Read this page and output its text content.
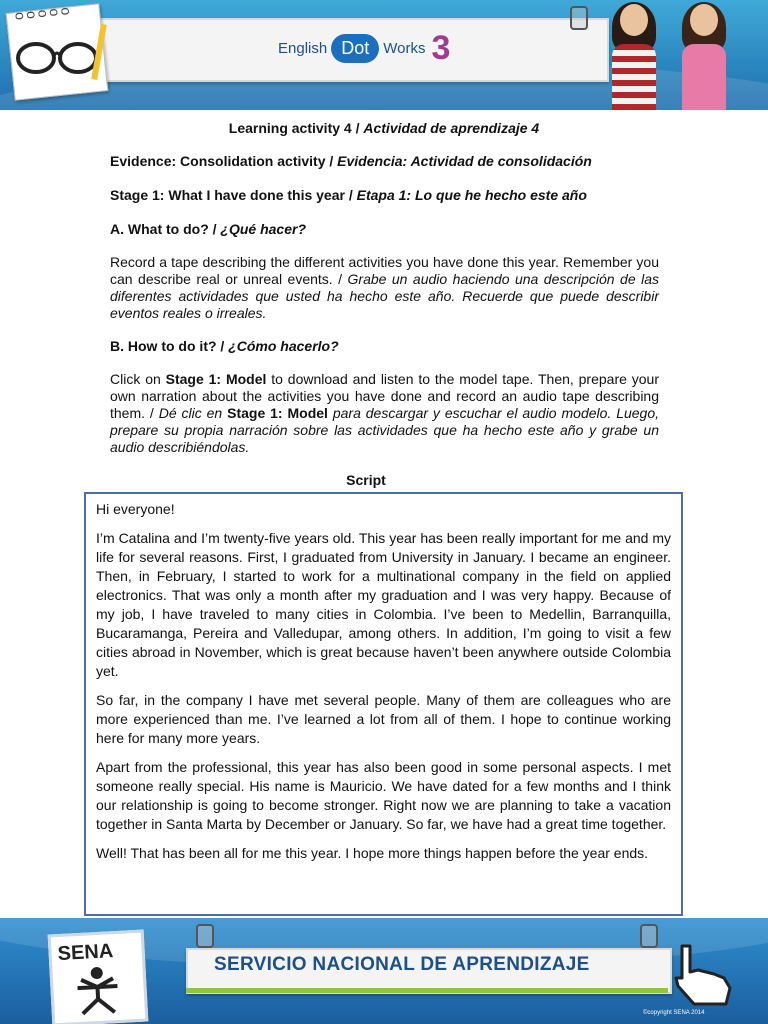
English Dot Works 3
ᴑᴑᴑᴑᴑ
Learning activity 4 / Actividad de aprendizaje 4
Evidence: Consolidation activity / Evidencia: Actividad de consolidación
Stage 1: What I have done this year / Etapa 1: Lo que he hecho este año
A. What to do? / ¿Qué hacer?
Record a tape describing the different activities you have done this year. Remember you can describe real or unreal events. / Grabe un audio haciendo una descripción de las diferentes actividades que usted ha hecho este año. Recuerde que puede describir eventos reales o irreales.
B. How to do it? / ¿Cómo hacerlo?
Click on Stage 1: Model to download and listen to the model tape. Then, prepare your own narration about the activities you have done and record an audio tape describing them. / Dé clic en Stage 1: Model para descargar y escuchar el audio modelo. Luego, prepare su propia narración sobre las actividades que ha hecho este año y grabe un audio describiéndolas.
Script

Hi everyone!

I’m Catalina and I’m twenty-five years old. This year has been really important for me and my life for several reasons. First, I graduated from University in January. I became an engineer. Then, in February, I started to work for a multinational company in the field on applied electronics. That was only a month after my graduation and I was very happy. Because of my job, I have traveled to many cities in Colombia. I’ve been to Medellin, Barranquilla, Bucaramanga, Pereira and Valledupar, among others. In addition, I’m going to visit a few cities abroad in November, which is great because haven’t been anywhere outside Colombia yet.

So far, in the company I have met several people. Many of them are colleagues who are more experienced than me. I’ve learned a lot from all of them. I hope to continue working here for many more years.

Apart from the professional, this year has also been good in some personal aspects. I met someone really special. His name is Mauricio. We have dated for a few months and I think our relationship is going to become stronger. Right now we are planning to take a vacation together in Santa Marta by December or January. So far, we have had a great time together.

Well! That has been all for me this year. I hope more things happen before the year ends.

SERVICIO NACIONAL DE APRENDIZAJE
SENA
©copyright SENA 2014
